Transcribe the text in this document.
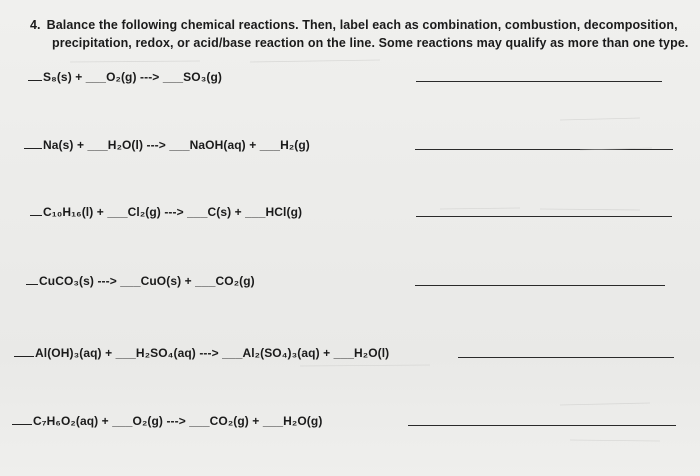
4. Balance the following chemical reactions. Then, label each as combination, combustion, decomposition,
precipitation, redox, or acid/base reaction on the line. Some reactions may qualify as more than one type.
S₈(s) + ___O₂(g) ---> ___SO₃(g)
Na(s) + ___H₂O(l) ---> ___NaOH(aq) + ___H₂(g)
C₁₀H₁₆(l) + ___Cl₂(g) ---> ___C(s) + ___HCl(g)
CuCO₃(s) ---> ___CuO(s) + ___CO₂(g)
Al(OH)₃(aq) + ___H₂SO₄(aq) ---> ___Al₂(SO₄)₃(aq) + ___H₂O(l)
C₇H₆O₂(aq) + ___O₂(g) ---> ___CO₂(g) + ___H₂O(g)
